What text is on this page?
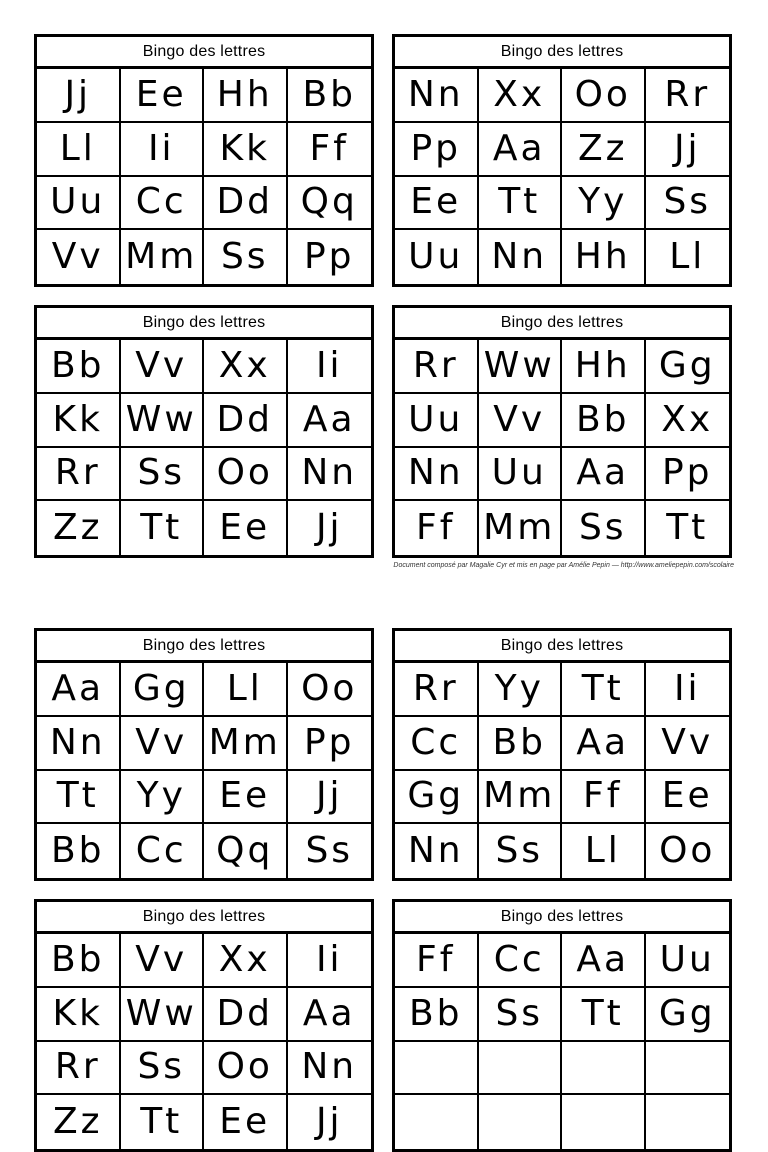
Bingo des lettres
Jj	Ee Hh Bb
Ll	Ii	Kk	Ff
Uu Cc Dd Qq
Vv Mm Ss Pp
Bingo des lettres
Nn Xx Oo Rr
Pp Aa Zz	Jj
Ee	Tt	Yy	Ss
Uu Nn Hh	Ll
Bingo des lettres
Bb Vv Xx	Ii
Kk Ww Dd Aa
Rr	Ss Oo Nn
Zz	Tt	Ee	Jj
Bingo des lettres
Rr Ww Hh Gg
Uu Vv Bb Xx
Nn Uu Aa Pp
Ff Mm Ss	Tt
Document composé par Magalie Cyr et mis en page par Amélie Pepin — http://www.ameliepepin.com/scolaire
Bingo des lettres
Aa Gg	Ll	Oo
Nn Vv Mm Pp
Tt	Yy Ee	Jj
Bb Cc Qq Ss
Bingo des lettres
Rr Yy	Tt	Ii
Cc Bb Aa Vv
Gg Mm Ff	Ee
Nn Ss	Ll	Oo
Bingo des lettres
Bb Vv Xx	Ii
Kk Ww Dd Aa
Rr	Ss Oo Nn
Zz	Tt	Ee	Jj
Bingo des lettres
Ff	Cc Aa Uu
Bb Ss	Tt Gg
